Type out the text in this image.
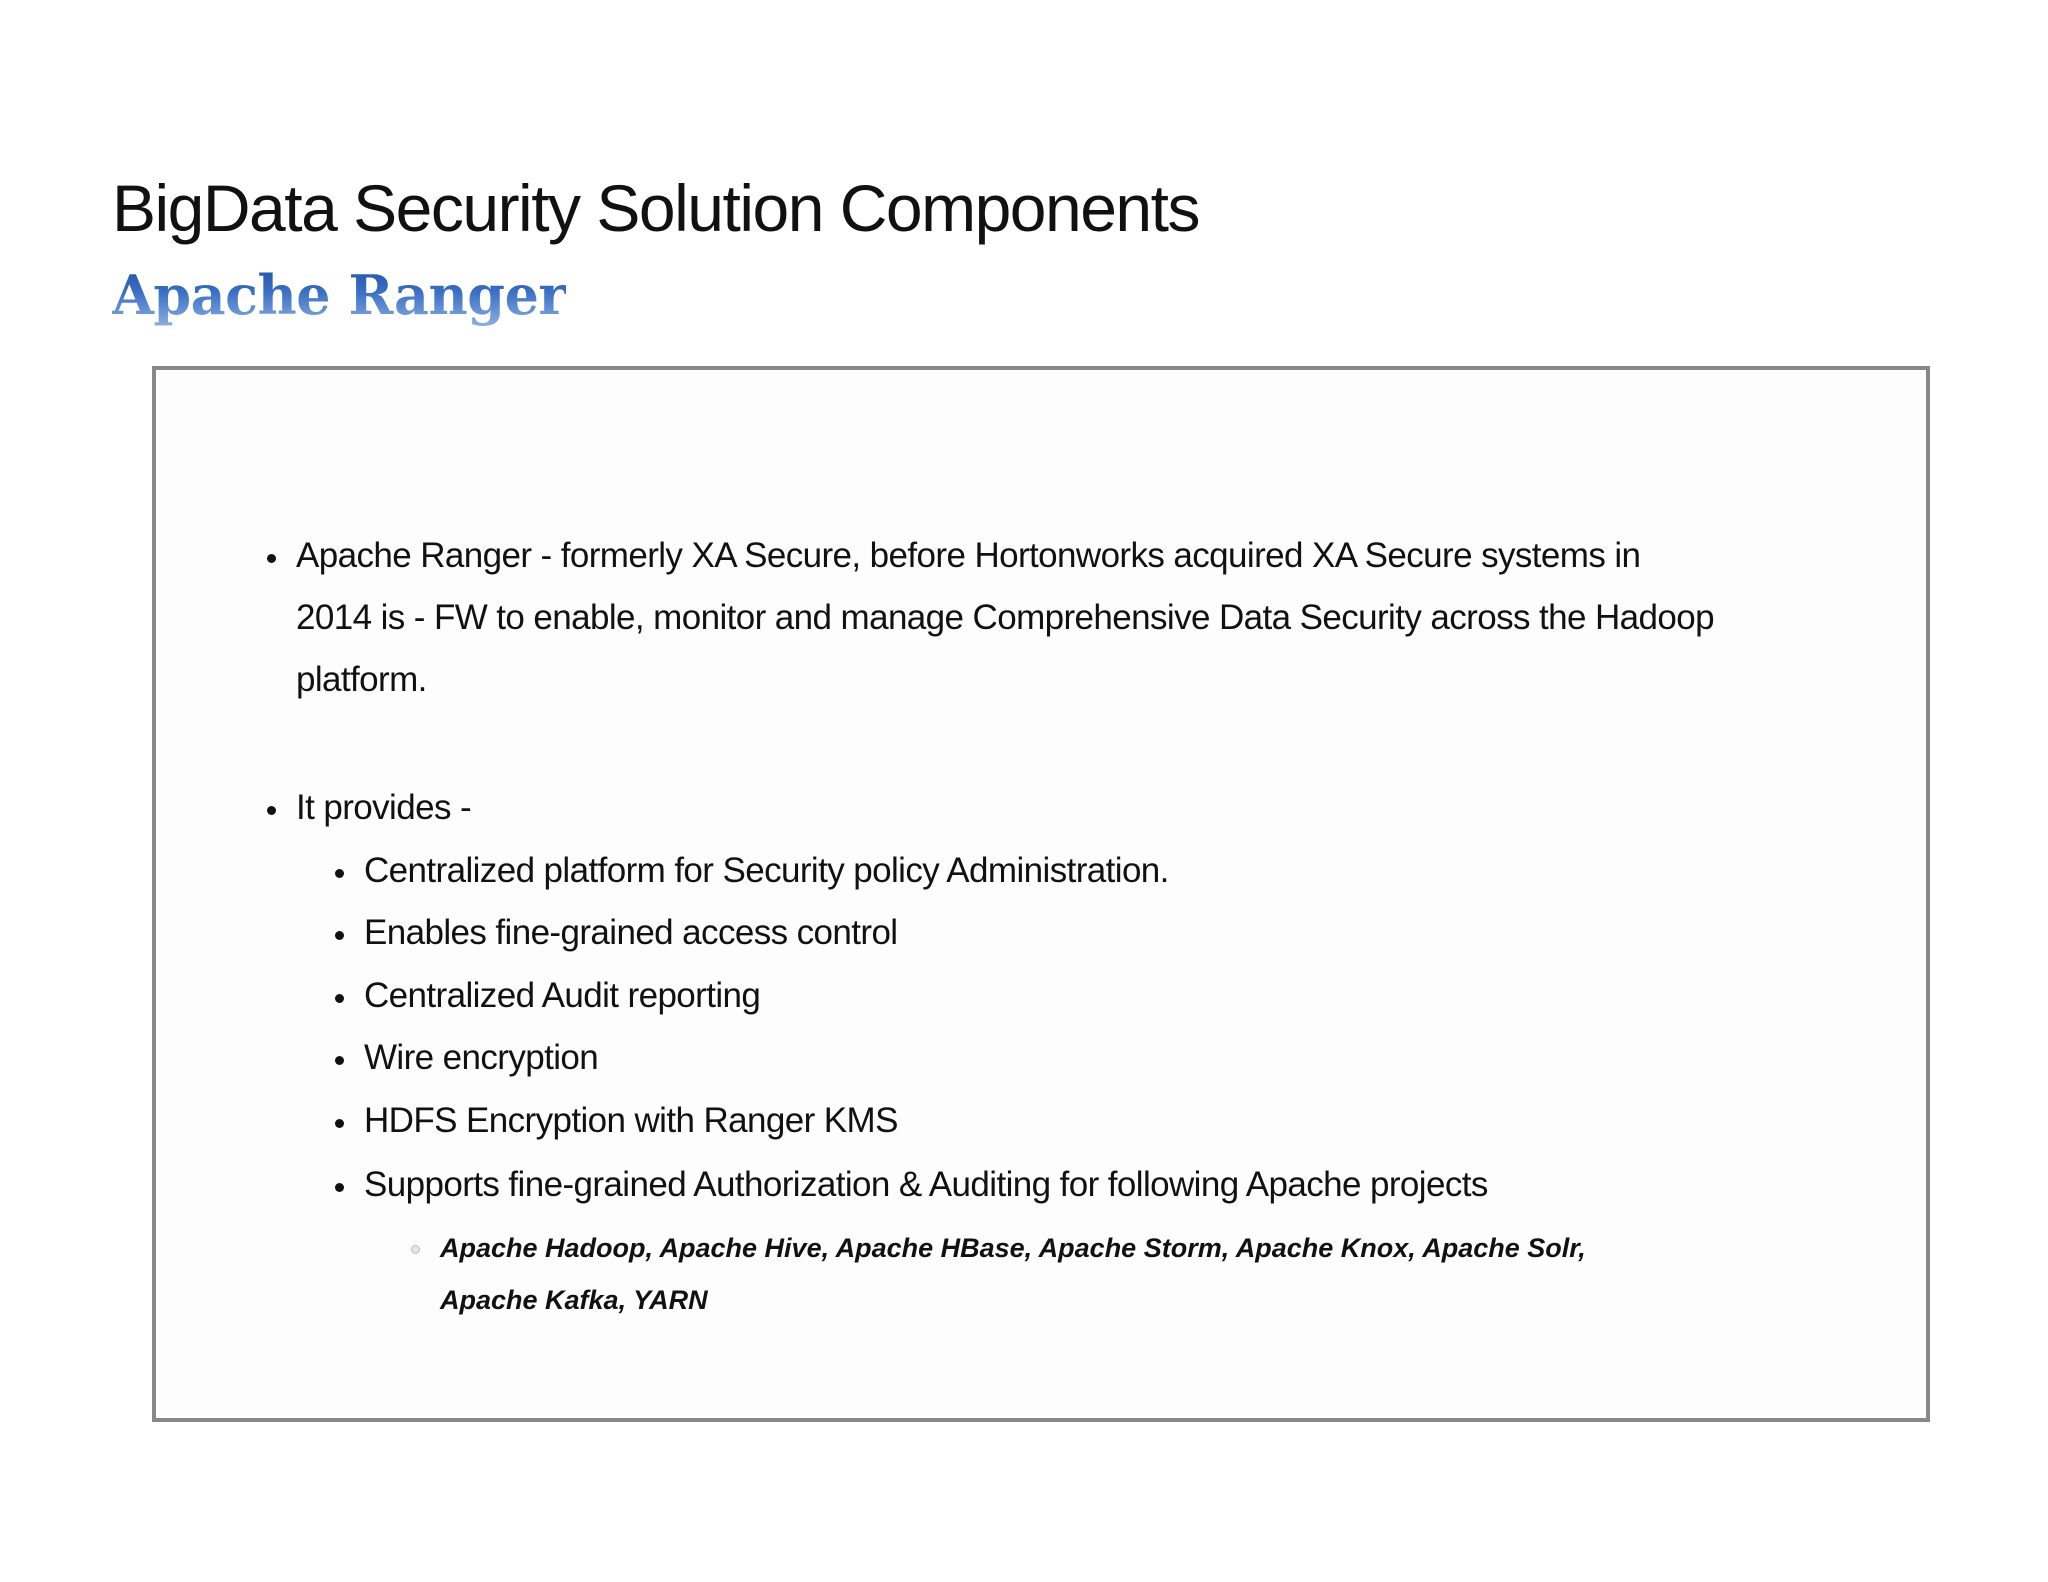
BigData Security Solution Components
Apache Ranger
Apache Ranger - formerly XA Secure, before Hortonworks acquired XA Secure systems in
2014 is - FW to enable, monitor and manage Comprehensive Data Security across the Hadoop
platform.
It provides -
Centralized platform for Security policy Administration.
Enables fine-grained access control
Centralized Audit reporting
Wire encryption
HDFS Encryption with Ranger KMS
Supports fine-grained Authorization & Auditing for following Apache projects
Apache Hadoop, Apache Hive, Apache HBase, Apache Storm, Apache Knox, Apache Solr,
Apache Kafka, YARN
